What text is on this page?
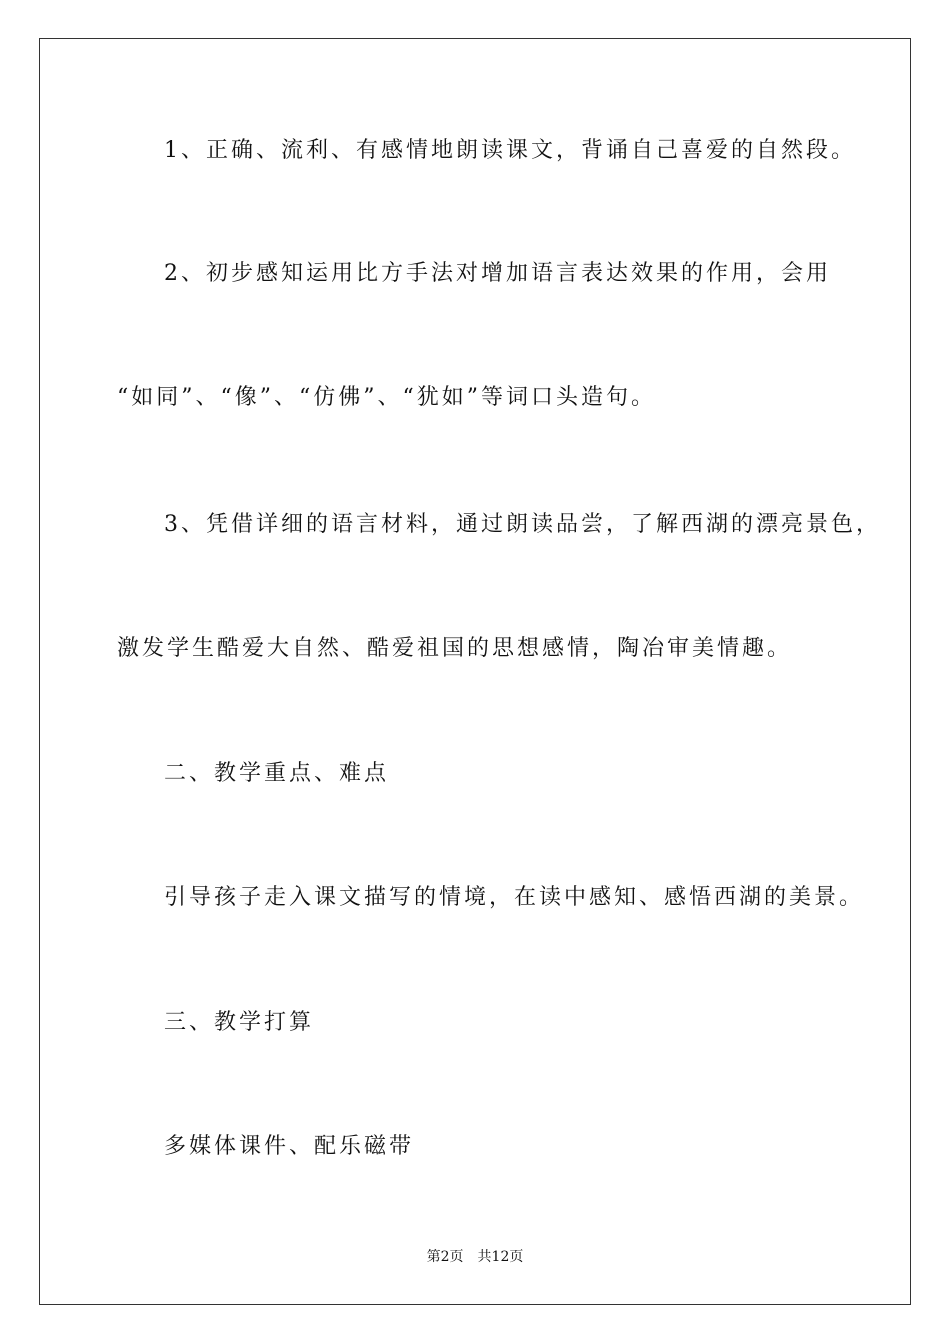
1、正确、流利、有感情地朗读课文，背诵自己喜爱的自然段。
2、初步感知运用比方手法对增加语言表达效果的作用，会用
“如同”、“像”、“仿佛”、“犹如”等词口头造句。
3、凭借详细的语言材料，通过朗读品尝，了解西湖的漂亮景色，
激发学生酷爱大自然、酷爱祖国的思想感情，陶冶审美情趣。
二、教学重点、难点
引导孩子走入课文描写的情境，在读中感知、感悟西湖的美景。
三、教学打算
多媒体课件、配乐磁带
第2页 共12页
